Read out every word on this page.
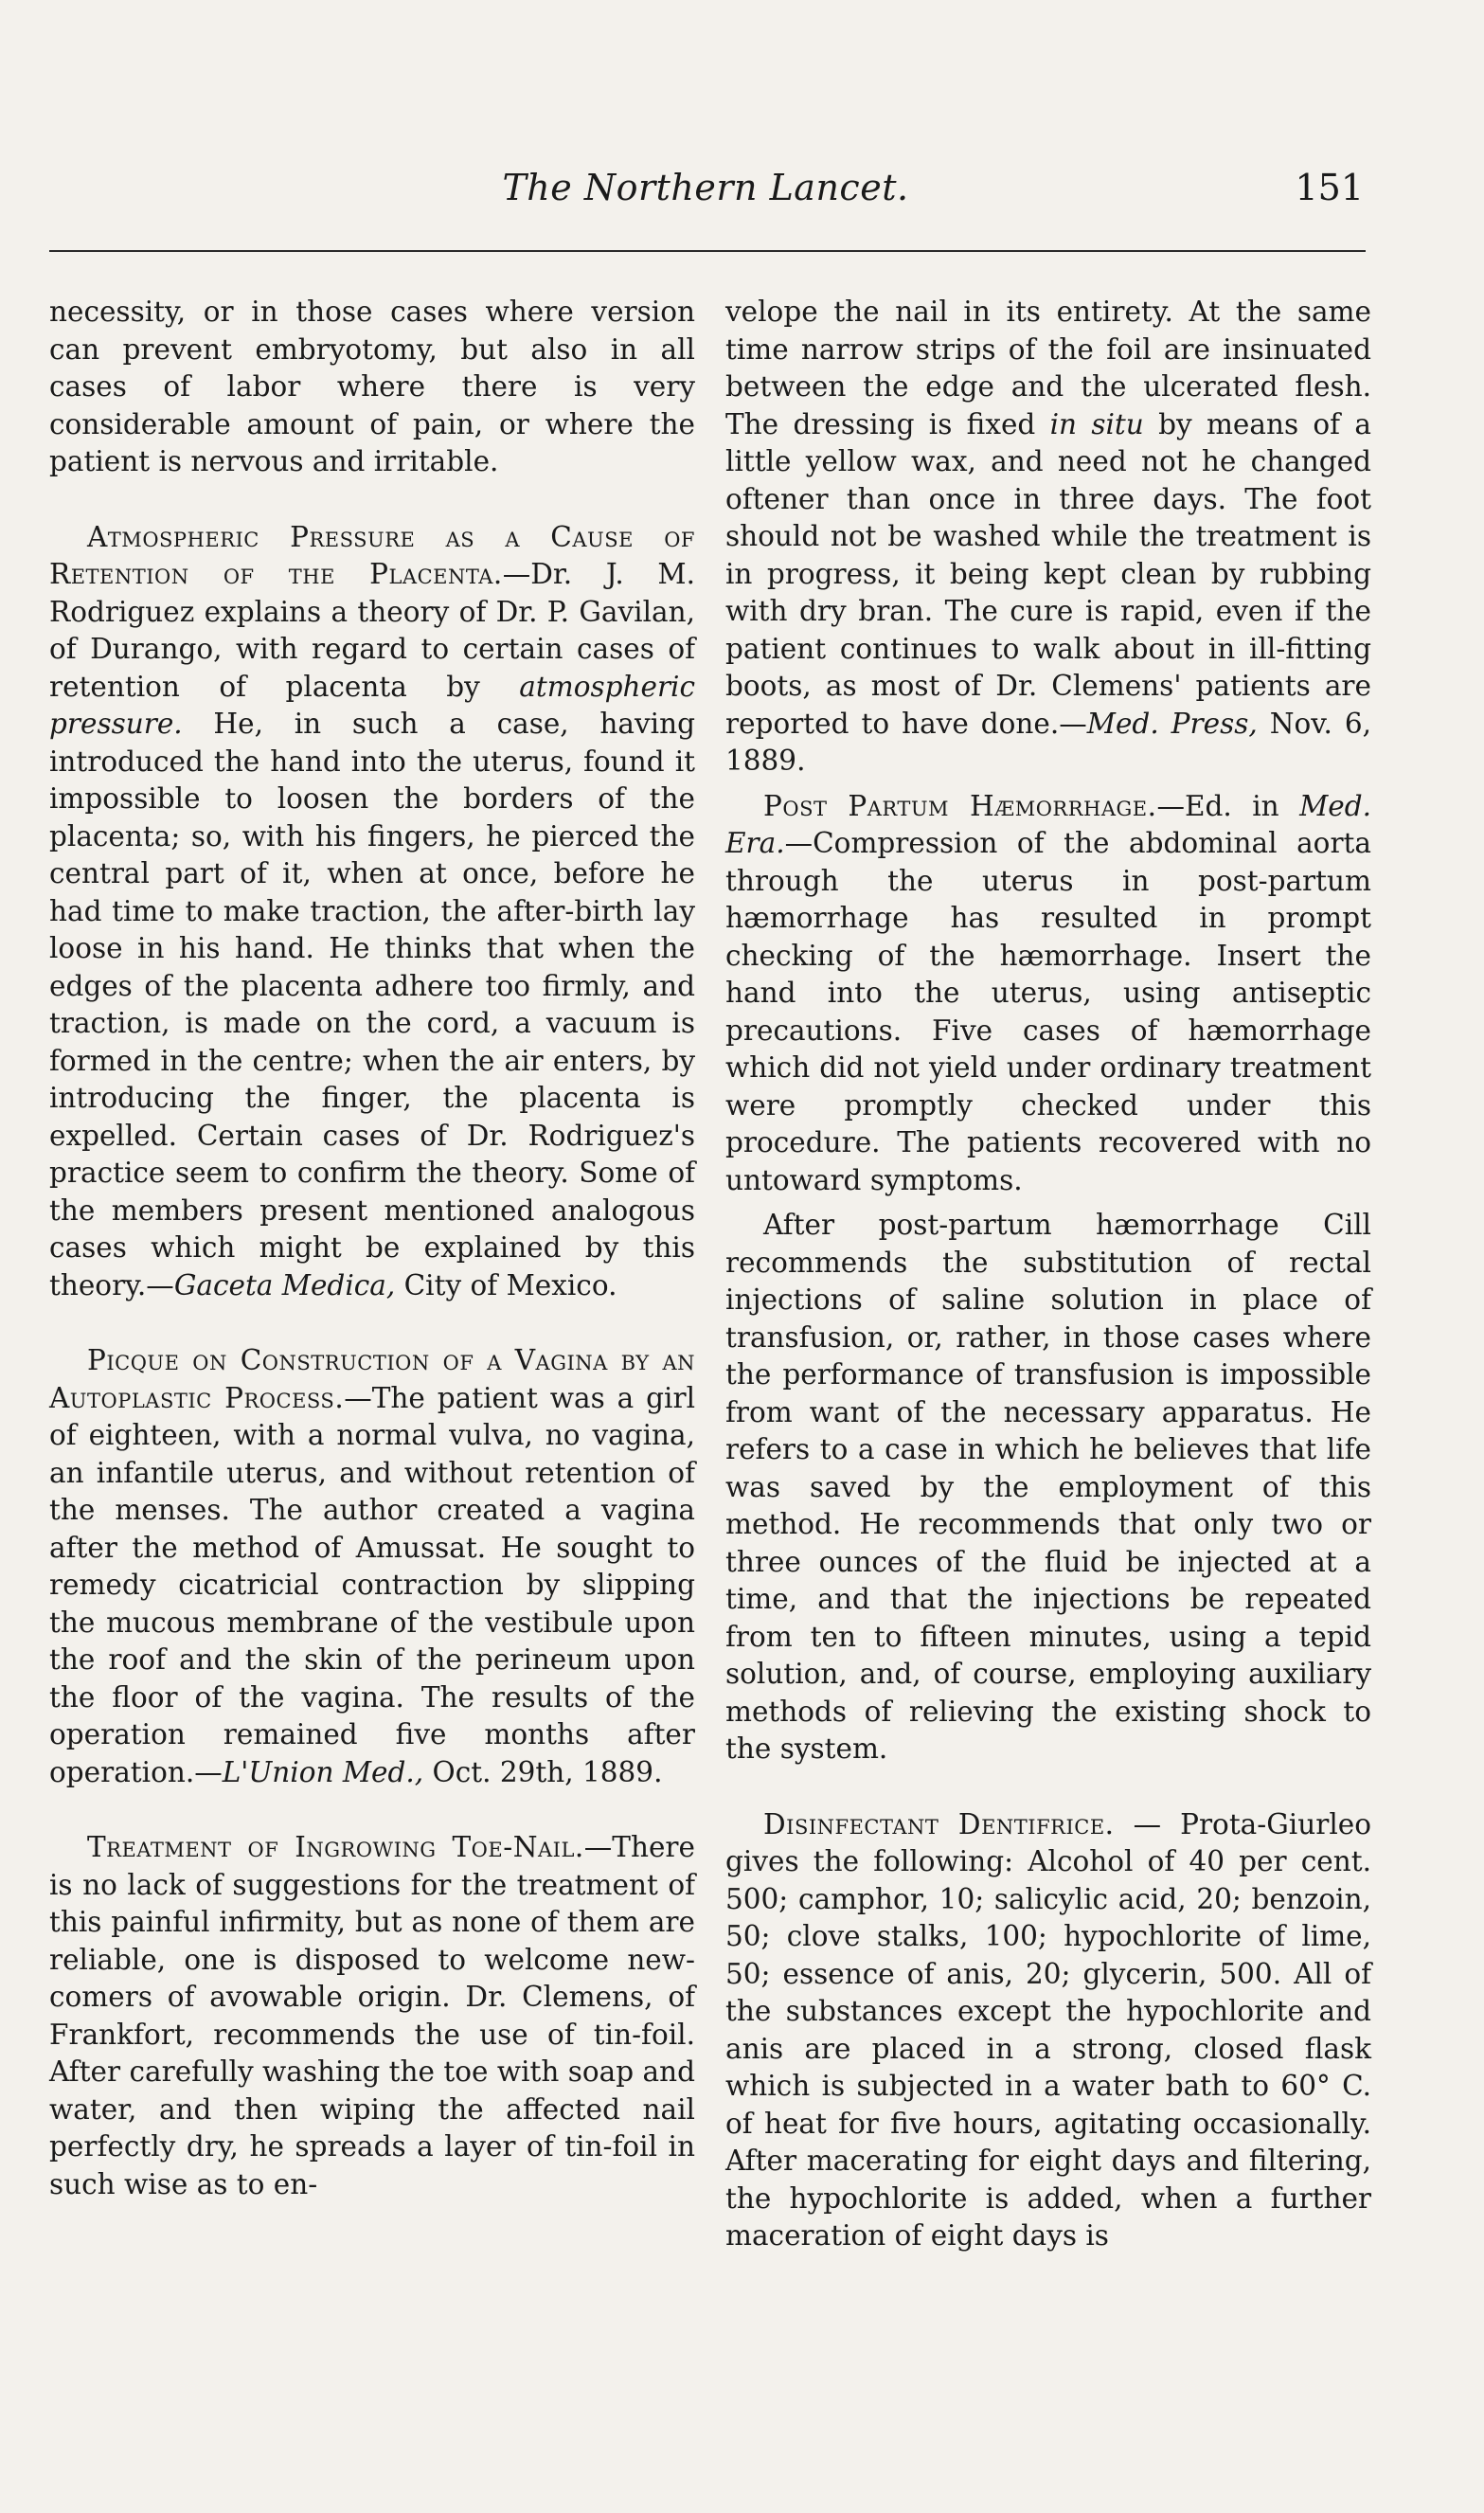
The Northern Lancet.	151

necessity, or in those cases where version can prevent embryotomy, but also in all cases of labor where there is very considerable amount of pain, or where the patient is nervous and irritable.

Atmospheric Pressure as a Cause of Retention of the Placenta.—Dr. J. M. Rodriguez explains a theory of Dr. P. Gavilan, of Durango, with regard to certain cases of retention of placenta by atmospheric pressure. He, in such a case, having introduced the hand into the uterus, found it impossible to loosen the borders of the placenta; so, with his fingers, he pierced the central part of it, when at once, before he had time to make traction, the after-birth lay loose in his hand. He thinks that when the edges of the placenta adhere too firmly, and traction, is made on the cord, a vacuum is formed in the centre; when the air enters, by introducing the finger, the placenta is expelled. Certain cases of Dr. Rodriguez's practice seem to confirm the theory. Some of the members present mentioned analogous cases which might be explained by this theory.—Gaceta Medica, City of Mexico.

Picque on Construction of a Vagina by an Autoplastic Process.—The patient was a girl of eighteen, with a normal vulva, no vagina, an infantile uterus, and without retention of the menses. The author created a vagina after the method of Amussat. He sought to remedy cicatricial contraction by slipping the mucous membrane of the vestibule upon the roof and the skin of the perineum upon the floor of the vagina. The results of the operation remained five months after operation.—L'Union Med., Oct. 29th, 1889.

Treatment of Ingrowing Toe-Nail.—There is no lack of suggestions for the treatment of this painful infirmity, but as none of them are reliable, one is disposed to welcome new-comers of avowable origin. Dr. Clemens, of Frankfort, recommends the use of tin-foil. After carefully washing the toe with soap and water, and then wiping the affected nail perfectly dry, he spreads a layer of tin-foil in such wise as to en-

velope the nail in its entirety. At the same time narrow strips of the foil are insinuated between the edge and the ulcerated flesh. The dressing is fixed in situ by means of a little yellow wax, and need not he changed oftener than once in three days. The foot should not be washed while the treatment is in progress, it being kept clean by rubbing with dry bran. The cure is rapid, even if the patient continues to walk about in ill-fitting boots, as most of Dr. Clemens' patients are reported to have done.—Med. Press, Nov. 6, 1889.

Post Partum Hæmorrhage.—Ed. in Med. Era.—Compression of the abdominal aorta through the uterus in post-partum hæmorrhage has resulted in prompt checking of the hæmorrhage. Insert the hand into the uterus, using antiseptic precautions. Five cases of hæmorrhage which did not yield under ordinary treatment were promptly checked under this procedure. The patients recovered with no untoward symptoms.

After post-partum hæmorrhage Cill recommends the substitution of rectal injections of saline solution in place of transfusion, or, rather, in those cases where the performance of transfusion is impossible from want of the necessary apparatus. He refers to a case in which he believes that life was saved by the employment of this method. He recommends that only two or three ounces of the fluid be injected at a time, and that the injections be repeated from ten to fifteen minutes, using a tepid solution, and, of course, employing auxiliary methods of relieving the existing shock to the system.

Disinfectant Dentifrice. — Prota-Giurleo gives the following: Alcohol of 40 per cent. 500; camphor, 10; salicylic acid, 20; benzoin, 50; clove stalks, 100; hypochlorite of lime, 50; essence of anis, 20; glycerin, 500. All of the substances except the hypochlorite and anis are placed in a strong, closed flask which is subjected in a water bath to 60° C. of heat for five hours, agitating occasionally. After macerating for eight days and filtering, the hypochlorite is added, when a further maceration of eight days is
